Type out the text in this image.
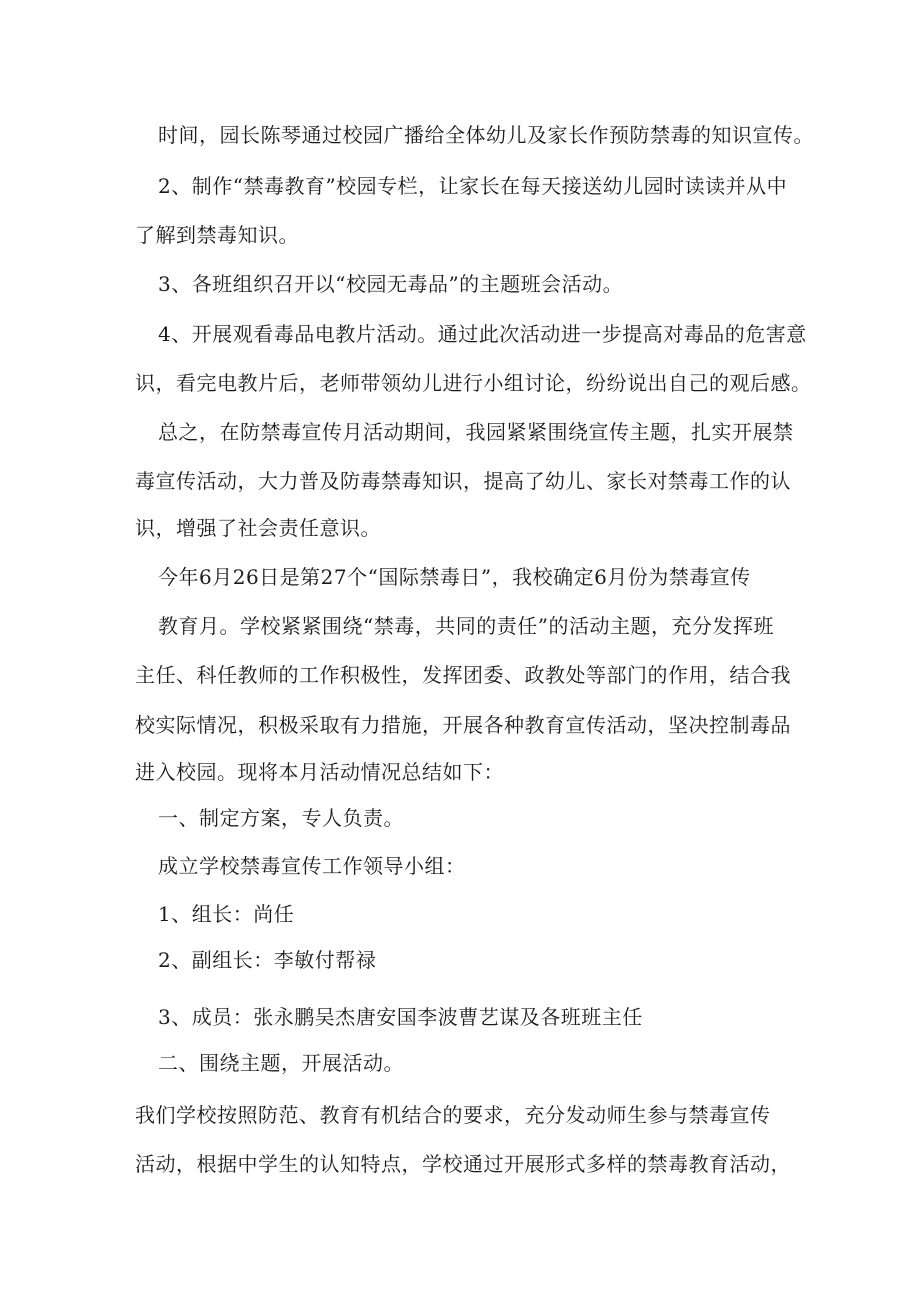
时间，园长陈琴通过校园广播给全体幼儿及家长作预防禁毒的知识宣传。
2、制作“禁毒教育”校园专栏，让家长在每天接送幼儿园时读读并从中
了解到禁毒知识。
3、各班组织召开以“校园无毒品”的主题班会活动。
4、开展观看毒品电教片活动。通过此次活动进一步提高对毒品的危害意
识，看完电教片后，老师带领幼儿进行小组讨论，纷纷说出自己的观后感。
总之，在防禁毒宣传月活动期间，我园紧紧围绕宣传主题，扎实开展禁
毒宣传活动，大力普及防毒禁毒知识，提高了幼儿、家长对禁毒工作的认
识，增强了社会责任意识。
今年6月26日是第27个“国际禁毒日”，我校确定6月份为禁毒宣传
教育月。学校紧紧围绕“禁毒，共同的责任”的活动主题，充分发挥班
主任、科任教师的工作积极性，发挥团委、政教处等部门的作用，结合我
校实际情况，积极采取有力措施，开展各种教育宣传活动，坚决控制毒品
进入校园。现将本月活动情况总结如下：
一、制定方案，专人负责。
成立学校禁毒宣传工作领导小组：
1、组长：尚任
2、副组长：李敏付帮禄
3、成员：张永鹏吴杰唐安国李波曹艺谋及各班班主任
二、围绕主题，开展活动。
我们学校按照防范、教育有机结合的要求，充分发动师生参与禁毒宣传
活动，根据中学生的认知特点，学校通过开展形式多样的禁毒教育活动，
